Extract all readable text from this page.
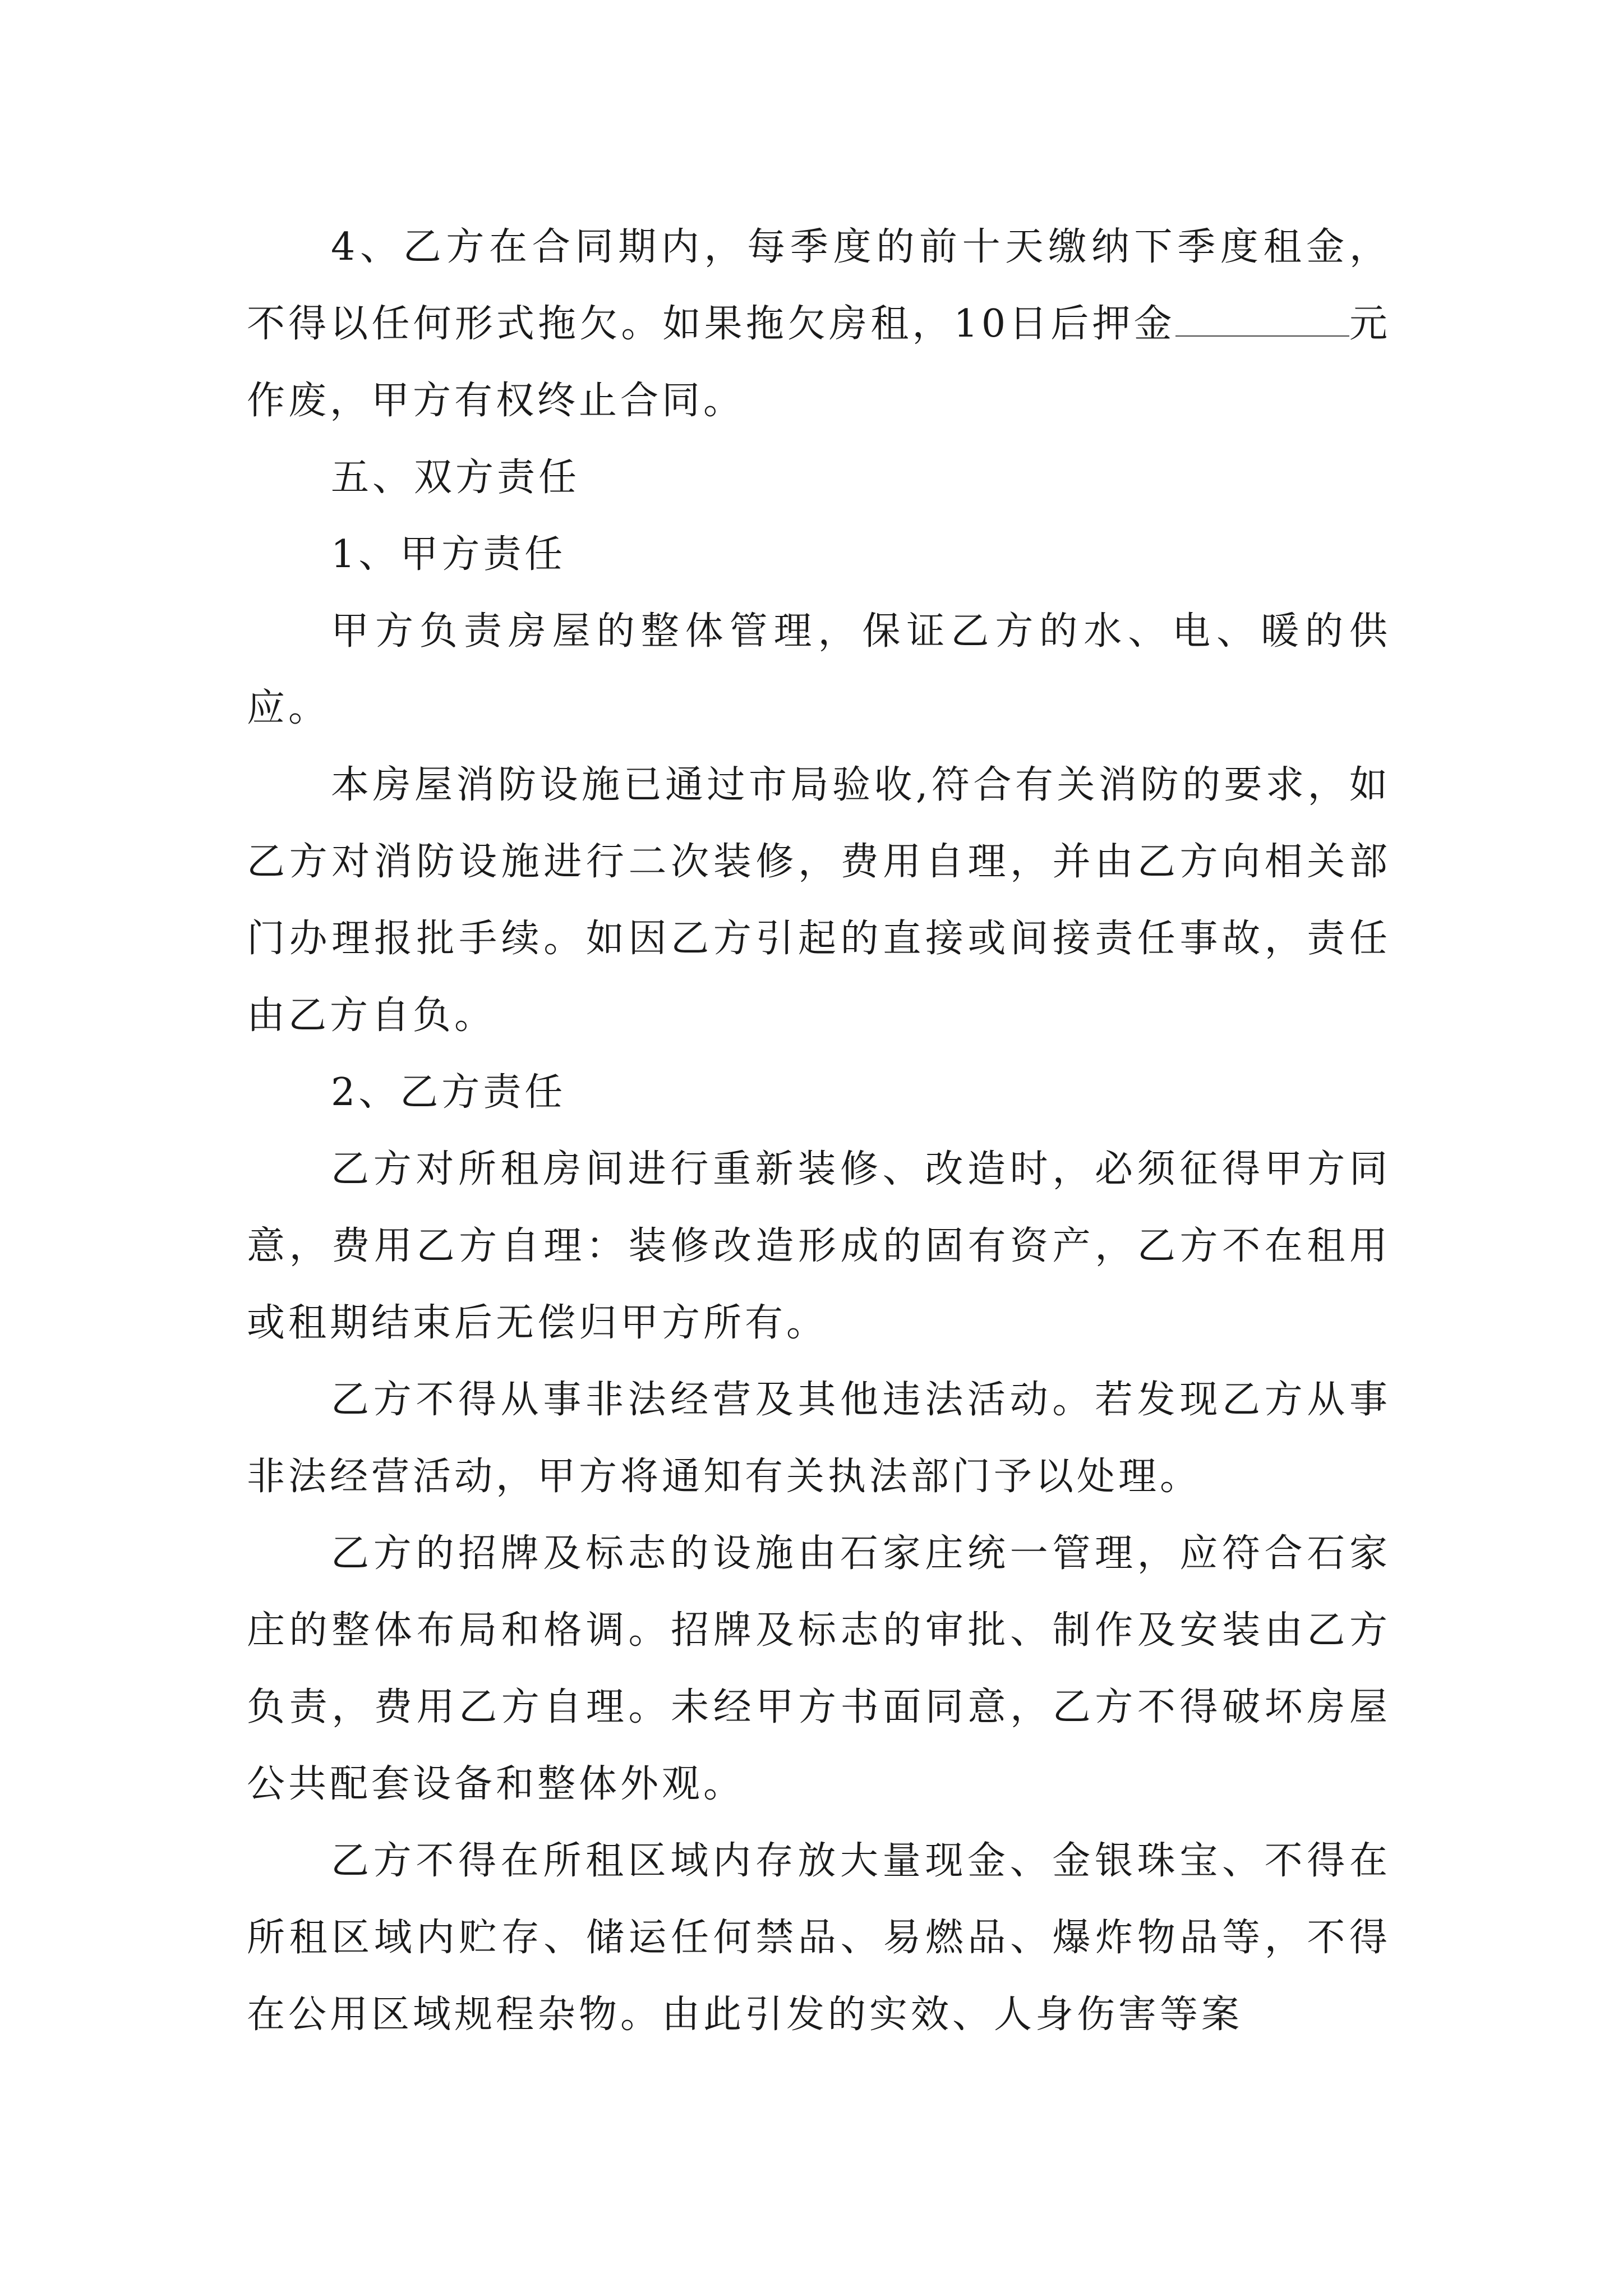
4、乙方在合同期内，每季度的前十天缴纳下季度租金，不得以任何形式拖欠。如果拖欠房租，10日后押金	元作废，甲方有权终止合同。

五、双方责任

1、甲方责任

甲方负责房屋的整体管理，保证乙方的水、电、暖的供应。

本房屋消防设施已通过市局验收,符合有关消防的要求，如乙方对消防设施进行二次装修，费用自理，并由乙方向相关部门办理报批手续。如因乙方引起的直接或间接责任事故，责任由乙方自负。

2、乙方责任

乙方对所租房间进行重新装修、改造时，必须征得甲方同意，费用乙方自理：装修改造形成的固有资产，乙方不在租用或租期结束后无偿归甲方所有。

乙方不得从事非法经营及其他违法活动。若发现乙方从事非法经营活动，甲方将通知有关执法部门予以处理。

乙方的招牌及标志的设施由石家庄统一管理，应符合石家庄的整体布局和格调。招牌及标志的审批、制作及安装由乙方负责，费用乙方自理。未经甲方书面同意，乙方不得破坏房屋公共配套设备和整体外观。

乙方不得在所租区域内存放大量现金、金银珠宝、不得在所租区域内贮存、储运任何禁品、易燃品、爆炸物品等，不得在公用区域规程杂物。由此引发的实效、人身伤害等案
